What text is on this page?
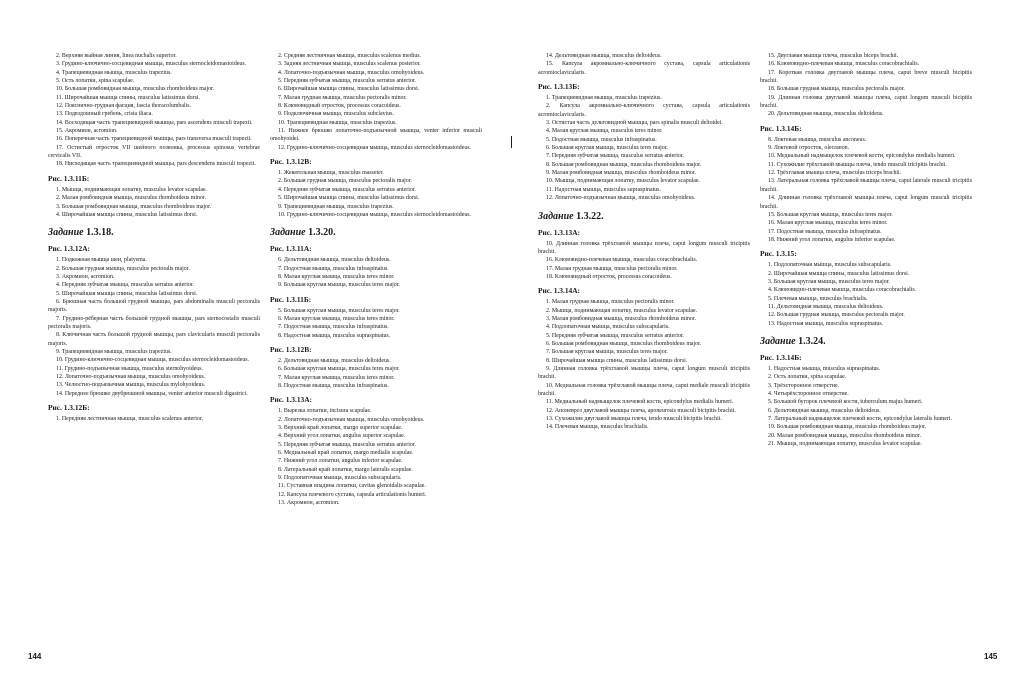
2. Верхняя выйная линия, linea nuchalis superior.

3. Грудино-ключично-сосцевидная мышца, musculus sternocleidomastoideus.

4. Трапециевидная мышца, musculus trapezius.

5. Ость лопатки, spina scapulae.

10. Большая ромбовидная мышца, musculus rhomboideus major.

11. Широчайшая мышца спины, musculus latissimus dorsi.

12. Пояснично-грудная фасция, fascia thoracolumbalis.

13. Подвздошный гребень, crista iliaca.

14. Восходящая часть трапециевидной мышцы, pars ascendens musculi trapezii.

15. Акромион, acromion.

16. Поперечная часть трапециевидной мышцы, pars transversa musculi trapezii.

17. Остистый отросток VII шейного позвонка, processus spinosus vertebrae cervicalis VII.

18. Нисходящая часть трапециевидной мышцы, pars descendens musculi trapezii.

Рис. 1.3.11Б:

1. Мышца, поднимающая лопатку, musculus levator scapulae.

2. Малая ромбовидная мышца, musculus rhomboideus minor.

3. Большая ромбовидная мышца, musculus rhomboideus major.

4. Широчайшая мышца спины, musculus latissimus dorsi.

Задание 1.3.18.
Рис. 1.3.12А:

1. Подкожная мышца шеи, platysma.

2. Большая грудная мышца, musculus pectoralis major.

3. Акромион, acromion.

4. Передняя зубчатая мышца, musculus serratus anterior.

5. Широчайшая мышца спины, musculus latissimus dorsi.

6. Брюшная часть большой грудной мышцы, pars abdominalis musculi pectoralis majoris.

7. Грудино-рёберная часть большой грудной мышцы, pars sternocostalis musculi pectoralis majoris.

8. Ключичная часть большой грудной мышцы, pars clavicularis musculi pectoralis majoris.

9. Трапециевидная мышца, musculus trapezius.

10. Грудино-ключично-сосцевидная мышца, musculus sternocleidomastoideus.

11. Грудино-подъязычная мышца, musculus sternohyoideus.

12. Лопаточно-подъязычная мышца, musculus omohyoideus.

13. Челюстно-подъязычная мышца, musculus mylohyoideus.

14. Переднее брюшко двубрюшной мышцы, venter anterior musculi digastrici.

Рис. 1.3.12Б:

1. Передняя лестничная мышца, musculus scalenus anterior.

2. Средняя лестничная мышца, musculus scalenus medius.

3. Задняя лестничная мышца, musculus scalenus posterior.

4. Лопаточно-подъязычная мышца, musculus omohyoideus.

5. Передняя зубчатая мышца, musculus serratus anterior.

6. Широчайшая мышца спины, musculus latissimus dorsi.

7. Малая грудная мышца, musculus pectoralis minor.

8. Клювовидный отросток, processus coracoideus.

9. Подключичная мышца, musculus subclavius.

10. Трапециевидная мышца, musculus trapezius.

11. Нижнее брюшко лопаточно-подъязычной мышцы, venter inferior musculi omohyoidei.

12. Грудино-ключично-сосцевидная мышца, musculus sternocleidomastoideus.

Рис. 1.3.12В:

1. Жевательная мышца, musculus masseter.

2. Большая грудная мышца, musculus pectoralis major.

4. Передняя зубчатая мышца, musculus serratus anterior.

5. Широчайшая мышца спины, musculus latissimus dorsi.

9. Трапециевидная мышца, musculus trapezius.

10. Грудино-ключично-сосцевидная мышца, musculus sternocleidomastoideus.

Задание 1.3.20.
Рис. 1.3.11А:

6. Дельтовидная мышца, musculus deltoideus.

7. Подостная мышца, musculus infraspinatus.

8. Малая круглая мышца, musculus teres minor.

9. Большая круглая мышца, musculus teres major.

Рис. 1.3.11Б:

5. Большая круглая мышца, musculus teres major.

6. Малая круглая мышца, musculus teres minor.

7. Подостная мышца, musculus infraspinatus.

8. Надостная мышца, musculus supraspinatus.

Рис. 1.3.12В:

2. Дельтовидная мышца, musculus deltoideus.

6. Большая круглая мышца, musculus teres major.

7. Малая круглая мышца, musculus teres minor.

8. Подостная мышца, musculus infraspinatus.

Рис. 1.3.13А:

1. Вырезка лопатки, incisura scapulae.

2. Лопаточно-подъязычная мышца, musculus omohyoideus.

3. Верхний край лопатки, margo superior scapulae.

4. Верхний угол лопатки, angulus superior scapulae.

5. Передняя зубчатая мышца, musculus serratus anterior.

6. Медиальный край лопатки, margo medialis scapulae.

7. Нижний угол лопатки, angulus inferior scapulae.

8. Латеральный край лопатки, margo lateralis scapulae.

9. Подлопаточная мышца, musculus subscapularis.

11. Суставная впадина лопатки, cavitas glenoidalis scapulae.

12. Капсула плечевого сустава, capsula articulationis humeri.

13. Акромион, acromion.

14. Дельтовидная мышца, musculus deltoideus.

15. Капсула акромиально-ключичного сустава, capsula articulationis acromioclavicularis.

Рис. 1.3.13Б:

1. Трапециевидная мышца, musculus trapezius.

2. Капсула акромиально-ключичного сустава, capsula articulationis acromioclavicularis.

3. Остистая часть дельтовидной мышцы, pars spinalis musculi deltoidei.

4. Малая круглая мышца, musculus teres minor.

5. Подостная мышца, musculus infraspinatus.

6. Большая круглая мышца, musculus teres major.

7. Передняя зубчатая мышца, musculus serratus anterior.

8. Большая ромбовидная мышца, musculus rhomboideus major.

9. Малая ромбовидная мышца, musculus rhomboideus minor.

10. Мышца, поднимающая лопатку, musculus levator scapulae.

11. Надостная мышца, musculus supraspinatus.

12. Лопаточно-подъязычная мышца, musculus omohyoideus.

Задание 1.3.22.
Рис. 1.3.13А:

10. Длинная головка трёхглавой мышцы плеча, caput longum musculi tricipitis brachii.

16. Клювовидно-плечевая мышца, musculus coracobrachialis.

17. Малая грудная мышца, musculus pectoralis minor.

18. Клювовидный отросток, processus coracoideus.

Рис. 1.3.14А:

1. Малая грудная мышца, musculus pectoralis minor.

2. Мышца, поднимающая лопатку, musculus levator scapulae.

3. Малая ромбовидная мышца, musculus rhomboideus minor.

4. Подлопаточная мышца, musculus subscapularis.

5. Передняя зубчатая мышца, musculus serratus anterior.

6. Большая ромбовидная мышца, musculus rhomboideus major.

7. Большая круглая мышца, musculus teres major.

8. Широчайшая мышца спины, musculus latissimus dorsi.

9. Длинная головка трёхглавой мышцы плеча, caput longum musculi tricipitis brachii.

10. Медиальная головка трёхглавой мышцы плеча, caput mediale musculi tricipitis brachii.

11. Медиальный надмыщелок плечевой кости, epicondylus medialis humeri.

12. Апоневроз двуглавой мышцы плеча, aponeurosis musculi bicipitis brachii.

13. Сухожилие двуглавой мышцы плеча, tendo musculi bicipitis brachii.

14. Плечевая мышца, musculus brachialis.

15. Двуглавая мышца плеча, musculus biceps brachii.

16. Клювовидно-плечевая мышца, musculus coracobrachialis.

17. Короткая головка двуглавой мышцы плеча, caput breve musculi bicipitis brachii.

18. Большая грудная мышца, musculus pectoralis major.

19. Длинная головка двуглавой мышцы плеча, caput longum musculi bicipitis brachii.

20. Дельтовидная мышца, musculus deltoideus.

Рис. 1.3.14Б:

8. Локтевая мышца, musculus anconeus.

9. Локтевой отросток, olecranon.

10. Медиальный надмыщелок плечевой кости, epicondylus medialis humeri.

11. Сухожилие трёхглавой мышцы плеча, tendo musculi tricipitis brachii.

12. Трёхглавая мышца плеча, musculus triceps brachii.

13. Латеральная головка трёхглавой мышцы плеча, caput laterale musculi tricipitis brachii.

14. Длинная головка трёхглавой мышцы плеча, caput longum musculi tricipitis brachii.

15. Большая круглая мышца, musculus teres major.

16. Малая круглая мышца, musculus teres minor.

17. Подостная мышца, musculus infraspinatus.

18. Нижний угол лопатки, angulus inferior scapulae.

Рис. 1.3.15:

1. Подлопаточная мышца, musculus subscapularis.

2. Широчайшая мышца спины, musculus latissimus dorsi.

3. Большая круглая мышца, musculus teres major.

4. Клювовидно-плечевая мышца, musculus coracobrachialis.

5. Плечевая мышца, musculus brachialis.

11. Дельтовидная мышца, musculus deltoideus.

12. Большая грудная мышца, musculus pectoralis major.

13. Надостная мышца, musculus supraspinatus.

Задание 1.3.24.
Рис. 1.3.14Б:

1. Надостная мышца, musculus supraspinatus.

2. Ость лопатки, spina scapulae.

3. Трёхсторонное отверстие.

4. Четырёхсторонное отверстие.

5. Большой бугорок плечевой кости, tuberculum majus humeri.

6. Дельтовидная мышца, musculus deltoideus.

7. Латеральный надмыщелок плечевой кости, epicondylus lateralis humeri.

19. Большая ромбовидная мышца, musculus rhomboideus major.

20. Малая ромбовидная мышца, musculus rhomboideus minor.

21. Мышца, поднимающая лопатку, musculus levator scapulae.

144	145
